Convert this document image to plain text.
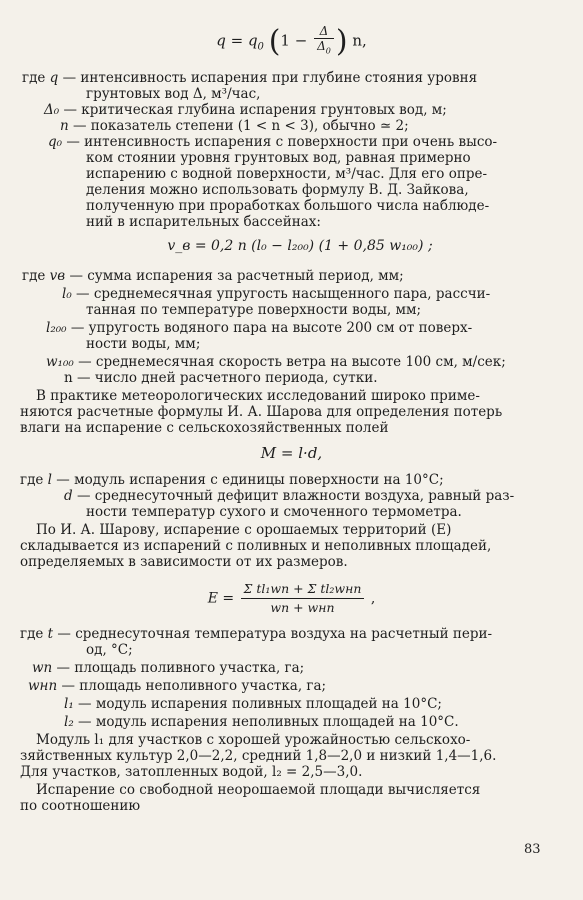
$q = q_0$ ($1 - \frac{\Delta}{\Delta_0}$ ) n,
где q — интенсивность испарения при глубине стояния уровня
грунтовых вод Δ, м³/час,
Δ₀ — критическая глубина испарения грунтовых вод, м;
n — показатель степени (1 < n < 3), обычно ≃ 2;
q₀ — интенсивность испарения с поверхности при очень высо-
ком стоянии уровня грунтовых вод, равная примерно
испарению с водной поверхности, м³/час. Для его опре-
деления можно использовать формулу В. Д. Зайкова,
полученную при проработках большого числа наблюде-
ний в испарительных бассейнах:
v_в = 0,2 n (l₀ − l₂₀₀) (1 + 0,85 w₁₀₀) ;
где vв — сумма испарения за расчетный период, мм;
l₀ — среднемесячная упругость насыщенного пара, рассчи-
танная по температуре поверхности воды, мм;
l₂₀₀ — упругость водяного пара на высоте 200 см от поверх-
ности воды, мм;
w₁₀₀ — среднемесячная скорость ветра на высоте 100 см, м/сек;
n — число дней расчетного периода, сутки.
В практике метеорологических исследований широко приме-
няются расчетные формулы И. А. Шарова для определения потерь
влаги на испарение с сельскохозяйственных полей
M = l·d,
где l — модуль испарения с единицы поверхности на 10°С;
d — среднесуточный дефицит влажности воздуха, равный раз-
ности температур сухого и смоченного термометра.
По И. А. Шарову, испарение с орошаемых территорий (E)
складывается из испарений с поливных и неполивных площадей,
определяемых в зависимости от их размеров.
$E = \frac{\text{Σ tl₁wп + Σ tl₂wнп}}{\text{wп + wнп}}$ ,
где t — среднесуточная температура воздуха на расчетный пери-
од, °С;
wп — площадь поливного участка, га;
wнп — площадь неполивного участка, га;
l₁ — модуль испарения поливных площадей на 10°С;
l₂ — модуль испарения неполивных площадей на 10°С.
Модуль l₁ для участков с хорошей урожайностью сельскохо-
зяйственных культур 2,0—2,2, средний 1,8—2,0 и низкий 1,4—1,6.
Для участков, затопленных водой, l₂ = 2,5—3,0.
Испарение со свободной неорошаемой площади вычисляется
по соотношению
83
